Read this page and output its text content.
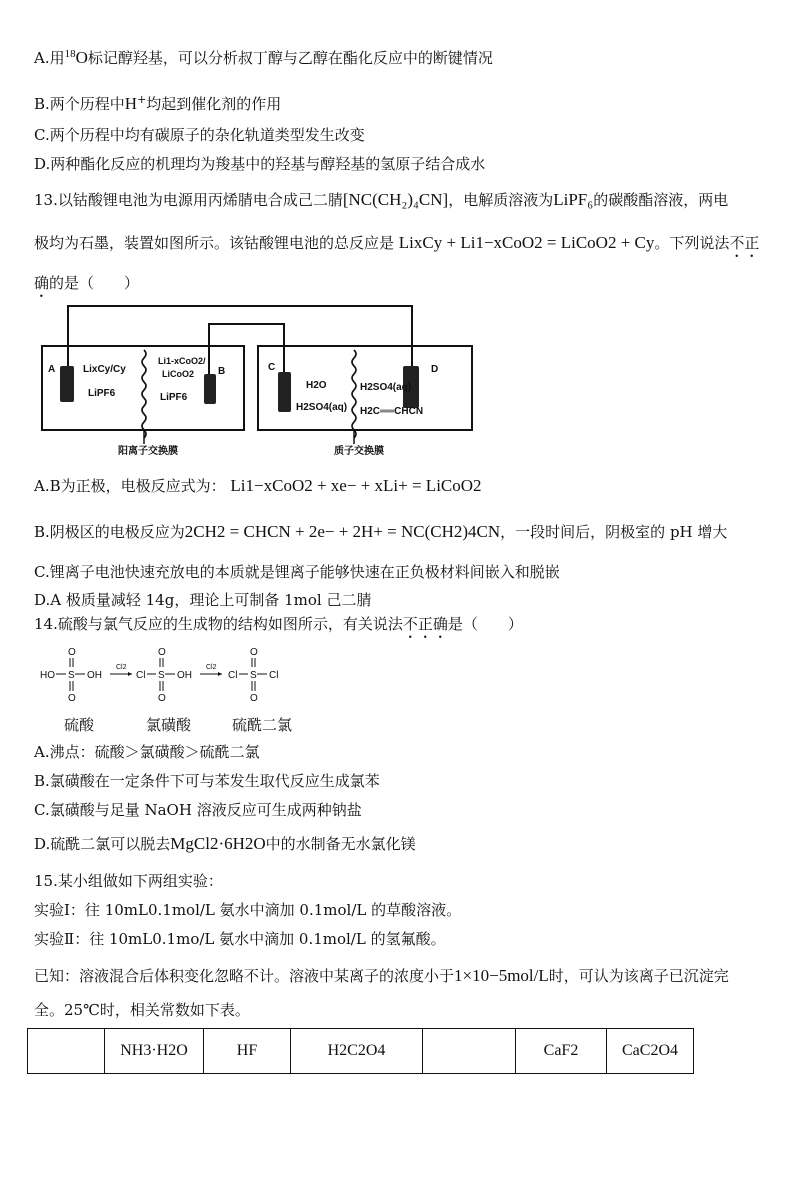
A.用$^{18}$O标记醇羟基，可以分析叔丁醇与乙醇在酯化反应中的断键情况
B.两个历程中H+均起到催化剂的作用
C.两个历程中均有碳原子的杂化轨道类型发生改变
D.两种酯化反应的机理均为羧基中的羟基与醇羟基的氢原子结合成水
13.以钴酸锂电池为电源用丙烯腈电合成己二腈[NC(CH₂)₄CN]，电解质溶液为LiPF₆的碳酸酯溶液，两电
极均为石墨，装置如图所示。该钴酸锂电池的总反应是 LixCy + Li1−xCoO2 = LiCoO2 + Cy。下列说法不正
确的是（　　）
A	LixCy/Cy
LiPF6
Li1-xCoO2/
LiCoO2 B
LiPF6
C
H2O
H2SO4(aq)
H2SO4(aq)
H2C══CHCN
D
阳离子交换膜	质子交换膜
A.B为正极，电极反应式为： Li1−xCoO2 + xe− + xLi+ = LiCoO2
B.阴极区的电极反应为2CH2 = CHCN + 2e− + 2H+ = NC(CH2)4CN，一段时间后，阴极室的 pH 增大
C.锂离子电池快速充放电的本质就是锂离子能够快速在正负极材料间嵌入和脱嵌
D.A 极质量减轻 14g，理论上可制备 1mol 己二腈
14.硫酸与氯气反应的生成物的结构如图所示，有关说法不正确是（　　）
HO S OH
O
O
Cl2
Cl S OH
O
O
Cl2
Cl S Cl
O
O
硫酸	氯磺酸	硫酰二氯
A.沸点：硫酸＞氯磺酸＞硫酰二氯
B.氯磺酸在一定条件下可与苯发生取代反应生成氯苯
C.氯磺酸与足量 NaOH 溶液反应可生成两种钠盐
D.硫酰二氯可以脱去MgCl2·6H2O中的水制备无水氯化镁
15.某小组做如下两组实验：
实验Ⅰ：往 10mL0.1mol/L 氨水中滴加 0.1mol/L 的草酸溶液。
实验Ⅱ：往 10mL0.1mo/L 氨水中滴加 0.1mol/L 的氢氟酸。
已知：溶液混合后体积变化忽略不计。溶液中某离子的浓度小于1×10−5mol/L时，可认为该离子已沉淀完
全。25℃时，相关常数如下表。
	NH3·H2O	HF	H2C2O4		CaF2	CaC2O4
